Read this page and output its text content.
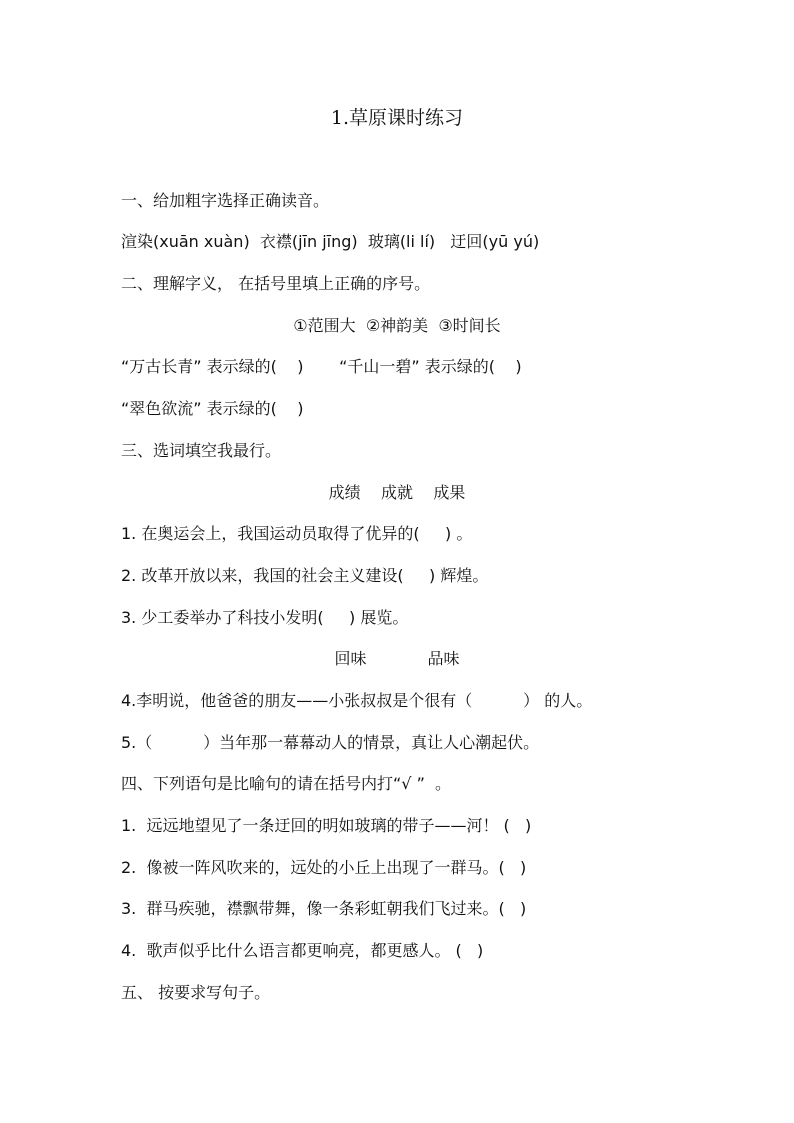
1.草原课时练习
一、给加粗字选择正确读音。
渲染(xuān xuàn)  衣襟(jīn jīng)  玻璃(li lí)   迂回(yū yú)
二、理解字义， 在括号里填上正确的序号。
①范围大  ②神韵美  ③时间长
“万古长青” 表示绿的(    )       “千山一碧” 表示绿的(    )
“翠色欲流” 表示绿的(    )
三、选词填空我最行。
成绩    成就    成果
1. 在奥运会上，我国运动员取得了优异的(     ) 。
2. 改革开放以来，我国的社会主义建设(     ) 辉煌。
3. 少工委举办了科技小发明(     ) 展览。
回味            品味
4.李明说，他爸爸的朋友——小张叔叔是个很有（          ） 的人。
5.（          ）当年那一幕幕动人的情景，真让人心潮起伏。
四、下列语句是比喻句的请在括号内打“√ ”  。
1.  远远地望见了一条迂回的明如玻璃的带子——河！ (   )
2.  像被一阵风吹来的，远处的小丘上出现了一群马。(   )
3.  群马疾驰，襟飘带舞，像一条彩虹朝我们飞过来。(   )
4.  歌声似乎比什么语言都更响亮，都更感人。 (   )
五、 按要求写句子。
